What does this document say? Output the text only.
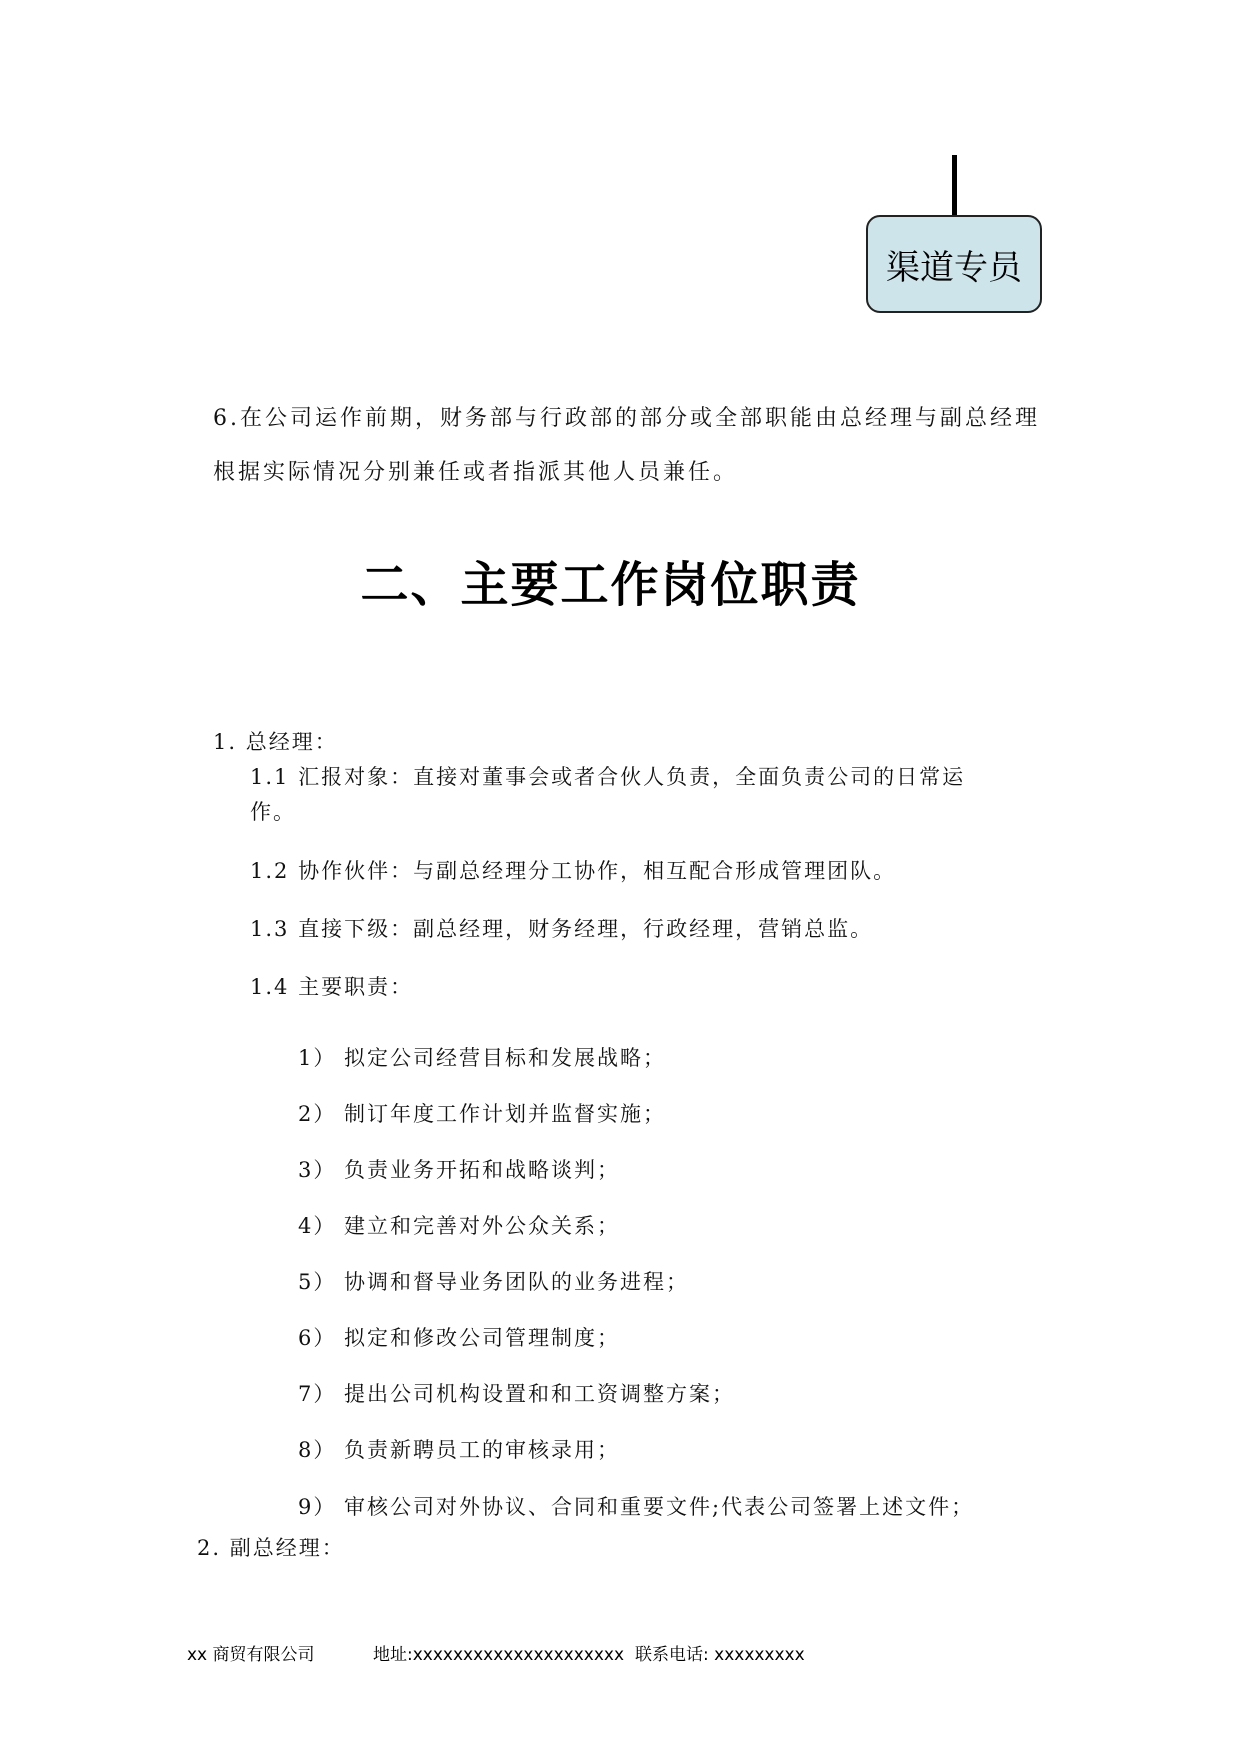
渠道专员
6.在公司运作前期，财务部与行政部的部分或全部职能由总经理与副总经理
根据实际情况分别兼任或者指派其他人员兼任。
二、主要工作岗位职责
1. 总经理：
1.1 汇报对象：直接对董事会或者合伙人负责，全面负责公司的日常运
作。
1.2 协作伙伴：与副总经理分工协作，相互配合形成管理团队。
1.3 直接下级：副总经理，财务经理，行政经理，营销总监。
1.4 主要职责：
1） 拟定公司经营目标和发展战略；
2） 制订年度工作计划并监督实施；
3） 负责业务开拓和战略谈判；
4） 建立和完善对外公众关系；
5） 协调和督导业务团队的业务进程；
6） 拟定和修改公司管理制度；
7） 提出公司机构设置和和工资调整方案；
8） 负责新聘员工的审核录用；
9） 审核公司对外协议、合同和重要文件;代表公司签署上述文件；
2. 副总经理：
xx 商贸有限公司	地址:xxxxxxxxxxxxxxxxxxxxx 联系电话: xxxxxxxxx
